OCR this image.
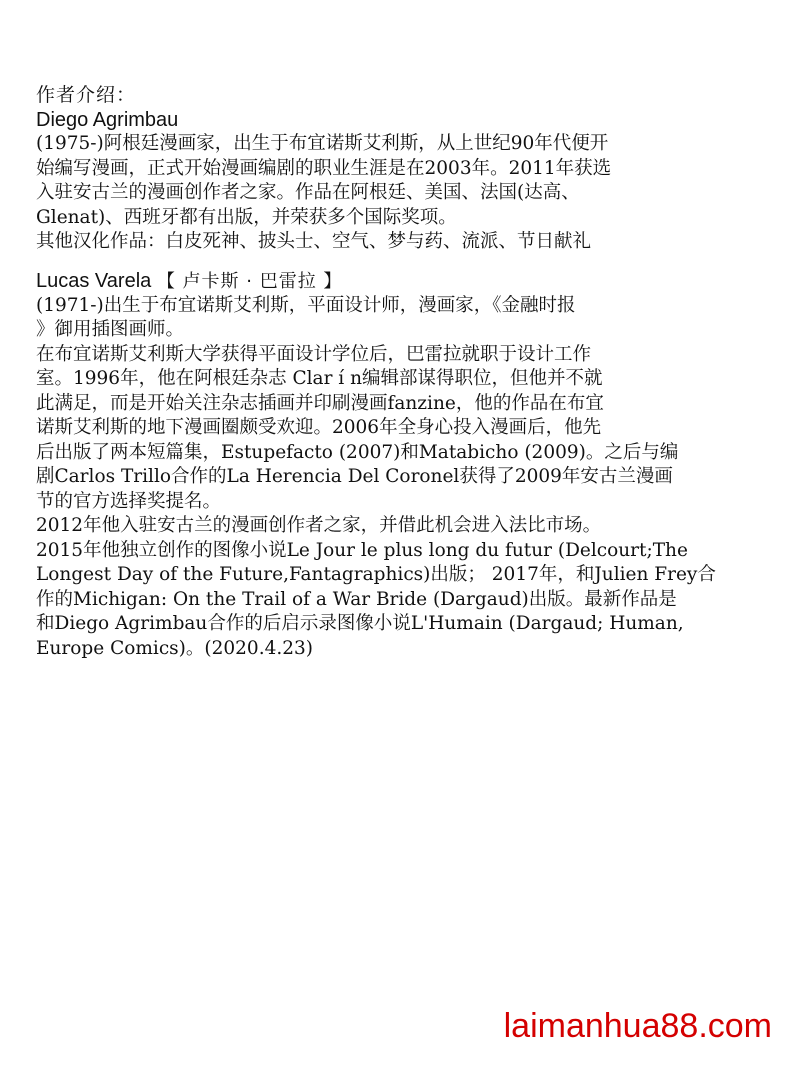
作者介绍：

Diego Agrimbau

(1975-)阿根廷漫画家，出生于布宜诺斯艾利斯，从上世纪90年代便开

始编写漫画，正式开始漫画编剧的职业生涯是在2003年。2011年获选

入驻安古兰的漫画创作者之家。作品在阿根廷、美国、法国(达高、

Glenat)、西班牙都有出版，并荣获多个国际奖项。

其他汉化作品：白皮死神、披头士、空气、梦与药、流派、节日献礼

Lucas Varela 【 卢卡斯 · 巴雷拉 】

(1971-)出生于布宜诺斯艾利斯，平面设计师，漫画家，《金融时报

》御用插图画师。

在布宜诺斯艾利斯大学获得平面设计学位后，巴雷拉就职于设计工作

室。1996年，他在阿根廷杂志 Clar í n编辑部谋得职位，但他并不就

此满足，而是开始关注杂志插画并印刷漫画fanzine，他的作品在布宜

诺斯艾利斯的地下漫画圈颇受欢迎。2006年全身心投入漫画后，他先

后出版了两本短篇集，Estupefacto (2007)和Matabicho (2009)。之后与编

剧Carlos Trillo合作的La Herencia Del Coronel获得了2009年安古兰漫画

节的官方选择奖提名。

2012年他入驻安古兰的漫画创作者之家，并借此机会进入法比市场。

2015年他独立创作的图像小说Le Jour le plus long du futur (Delcourt;The

Longest Day of the Future,Fantagraphics)出版； 2017年，和Julien Frey合

作的Michigan: On the Trail of a War Bride (Dargaud)出版。最新作品是

和Diego Agrimbau合作的后启示录图像小说L'Humain (Dargaud; Human,

Europe Comics)。(2020.4.23)

laimanhua88.com
